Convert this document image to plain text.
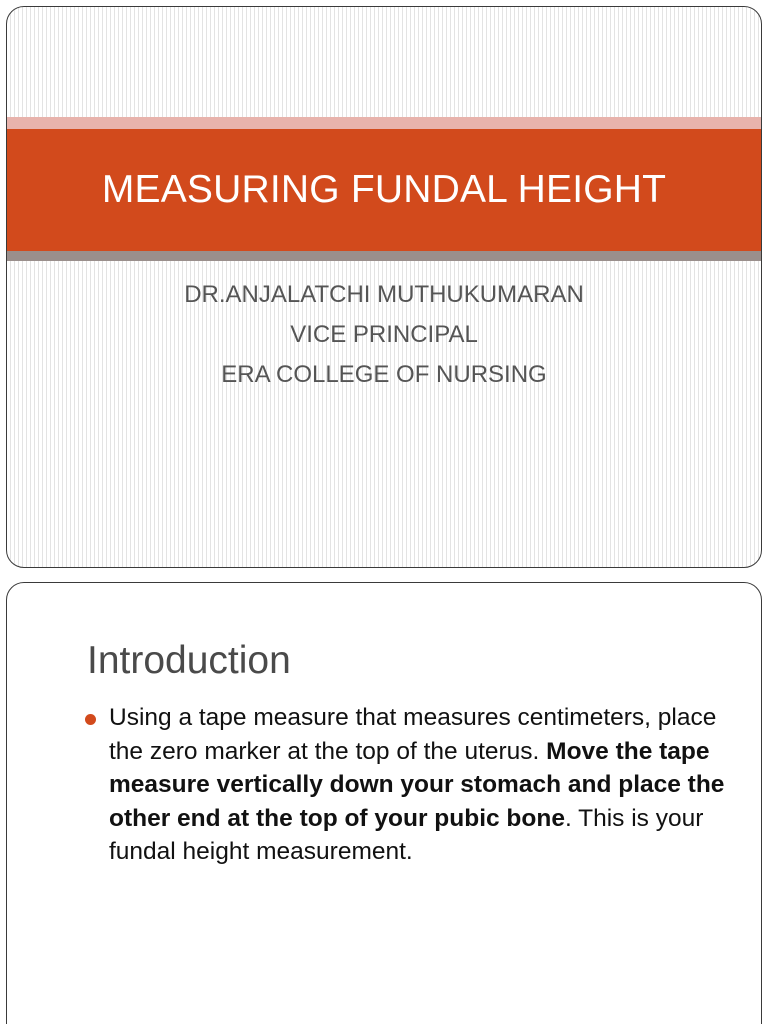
MEASURING FUNDAL HEIGHT
DR.ANJALATCHI MUTHUKUMARAN
VICE PRINCIPAL
ERA COLLEGE OF NURSING
Introduction
Using a tape measure that measures centimeters, place the zero marker at the top of the uterus. Move the tape measure vertically down your stomach and place the other end at the top of your pubic bone. This is your fundal height measurement.
